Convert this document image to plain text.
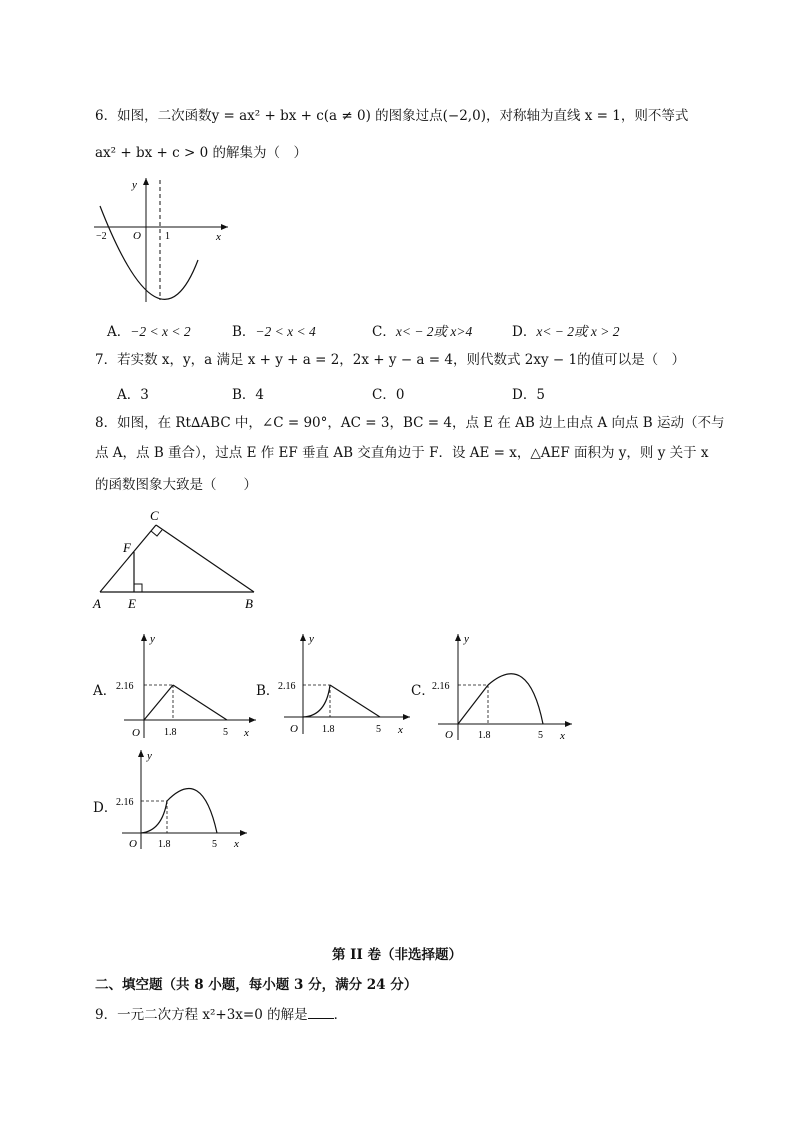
6．如图，二次函数y = ax² + bx + c(a ≠ 0) 的图象过点(−2,0)，对称轴为直线 x = 1，则不等式
ax² + bx + c > 0 的解集为（　）
y
x
O
−2	1
A．−2 < x < 2	B．−2 < x < 4	C．x< − 2或 x>4	D．x< − 2或 x > 2
7．若实数 x，y，a 满足 x + y + a = 2，2x + y − a = 4，则代数式 2xy − 1的值可以是（　）
A．3	B．4	C．0	D．5
8．如图，在 Rt∆ABC 中，∠C = 90°，AC = 3，BC = 4，点 E 在 AB 边上由点 A 向点 B 运动（不与
点 A，点 B 重合），过点 E 作 EF 垂直 AB 交直角边于 F．设 AE = x，△AEF 面积为 y，则 y 关于 x
的函数图象大致是（　　）
C
F
A E	B
A．
y
x
O
2.16
1.8	5
B．
y
x
O
2.16
1.8	5
C．
y
x
O
2.16
1.8	5
D．
y
x
O
2.16
1.8	5
第 II 卷（非选择题）
二、填空题（共 8 小题，每小题 3 分，满分 24 分）
9．一元二次方程 x²+3x=0 的解是 ．
